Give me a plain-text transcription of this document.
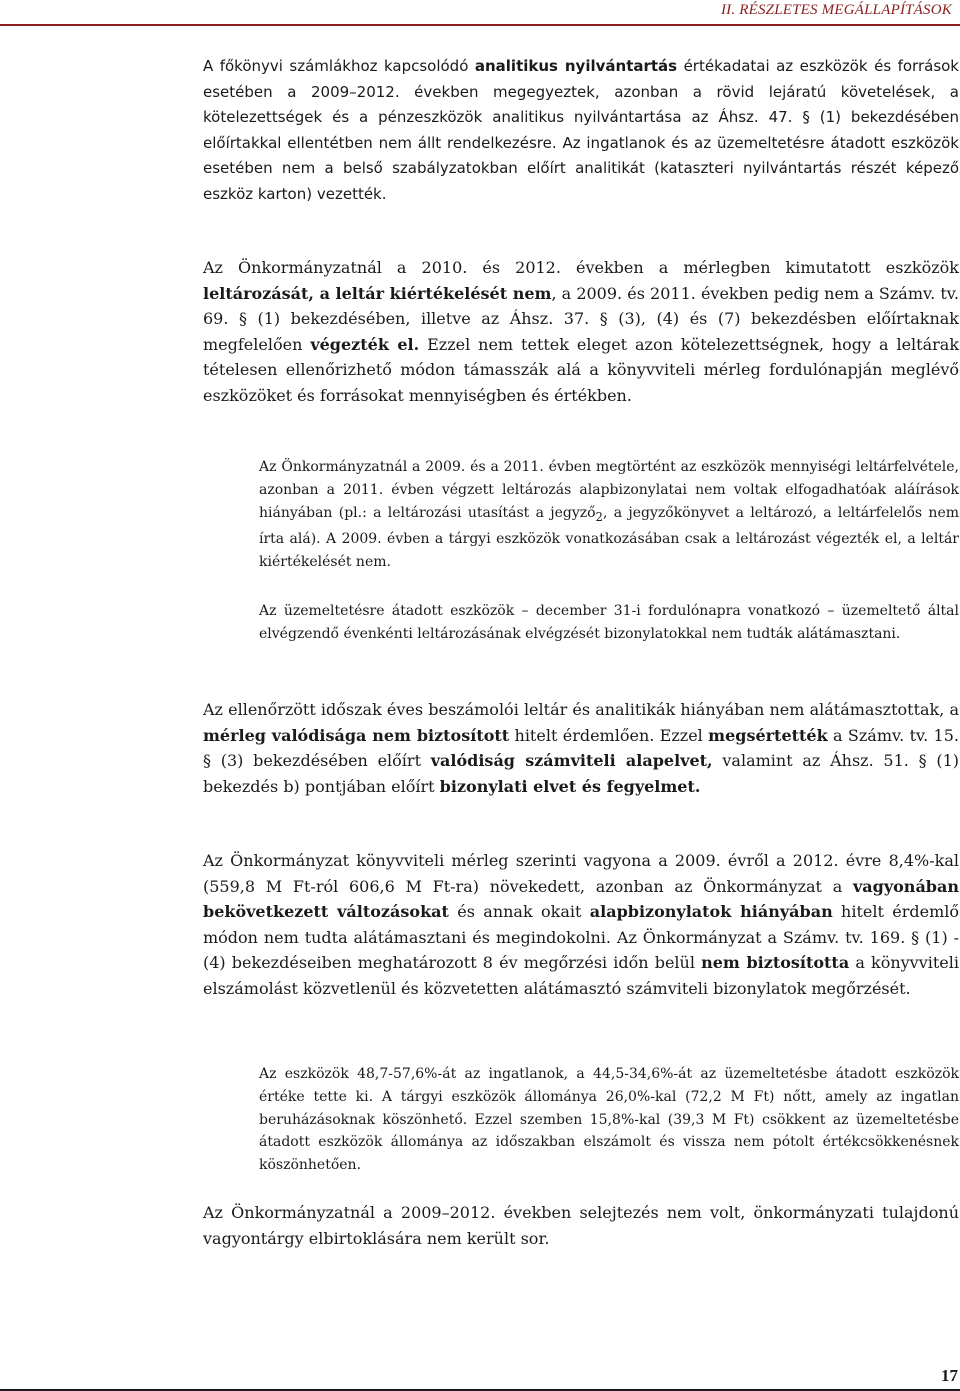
II. RÉSZLETES MEGÁLLAPÍTÁSOK

A főkönyvi számlákhoz kapcsolódó analitikus nyilvántartás értékadatai az eszközök és források esetében a 2009–2012. években megegyeztek, azonban a rövid lejáratú követelések, a kötelezettségek és a pénzeszközök analitikus nyilvántartása az Áhsz. 47. § (1) bekezdésében előírtakkal ellentétben nem állt rendelkezésre. Az ingatlanok és az üzemeltetésre átadott eszközök esetében nem a belső szabályzatokban előírt analitikát (kataszteri nyilvántartás részét képező eszköz karton) vezették.

Az Önkormányzatnál a 2010. és 2012. években a mérlegben kimutatott eszközök leltározását, a leltár kiértékelését nem, a 2009. és 2011. években pedig nem a Számv. tv. 69. § (1) bekezdésében, illetve az Áhsz. 37. § (3), (4) és (7) bekezdésben előírtaknak megfelelően végezték el. Ezzel nem tettek eleget azon kötelezettségnek, hogy a leltárak tételesen ellenőrizhető módon támasszák alá a könyvviteli mérleg fordulónapján meglévő eszközöket és forrásokat mennyiségben és értékben.

Az Önkormányzatnál a 2009. és a 2011. évben megtörtént az eszközök mennyiségi leltárfelvétele, azonban a 2011. évben végzett leltározás alapbizonylatai nem voltak elfogadhatóak aláírások hiányában (pl.: a leltározási utasítást a jegyző$_2$, a jegyzőkönyvet a leltározó, a leltárfelelős nem írta alá). A 2009. évben a tárgyi eszközök vonatkozásában csak a leltározást végezték el, a leltár kiértékelését nem.

Az üzemeltetésre átadott eszközök – december 31-i fordulónapra vonatkozó – üzemeltető által elvégzendő évenkénti leltározásának elvégzését bizonylatokkal nem tudták alátámasztani.

Az ellenőrzött időszak éves beszámolói leltár és analitikák hiányában nem alátámasztottak, a mérleg valódisága nem biztosított hitelt érdemlően. Ezzel megsértették a Számv. tv. 15. § (3) bekezdésében előírt valódiság számviteli alapelvet, valamint az Áhsz. 51. § (1) bekezdés b) pontjában előírt bizonylati elvet és fegyelmet.

Az Önkormányzat könyvviteli mérleg szerinti vagyona a 2009. évről a 2012. évre 8,4%-kal (559,8 M Ft-ról 606,6 M Ft-ra) növekedett, azonban az Önkormányzat a vagyonában bekövetkezett változásokat és annak okait alapbizonylatok hiányában hitelt érdemlő módon nem tudta alátámasztani és megindokolni. Az Önkormányzat a Számv. tv. 169. § (1) - (4) bekezdéseiben meghatározott 8 év megőrzési időn belül nem biztosította a könyvviteli elszámolást közvetlenül és közvetetten alátámasztó számviteli bizonylatok megőrzését.

Az eszközök 48,7-57,6%-át az ingatlanok, a 44,5-34,6%-át az üzemeltetésbe átadott eszközök értéke tette ki. A tárgyi eszközök állománya 26,0%-kal (72,2 M Ft) nőtt, amely az ingatlan beruházásoknak köszönhető. Ezzel szemben 15,8%-kal (39,3 M Ft) csökkent az üzemeltetésbe átadott eszközök állománya az időszakban elszámolt és vissza nem pótolt értékcsökkenésnek köszönhetően.

Az Önkormányzatnál a 2009–2012. években selejtezés nem volt, önkormányzati tulajdonú vagyontárgy elbirtoklására nem került sor.

17
